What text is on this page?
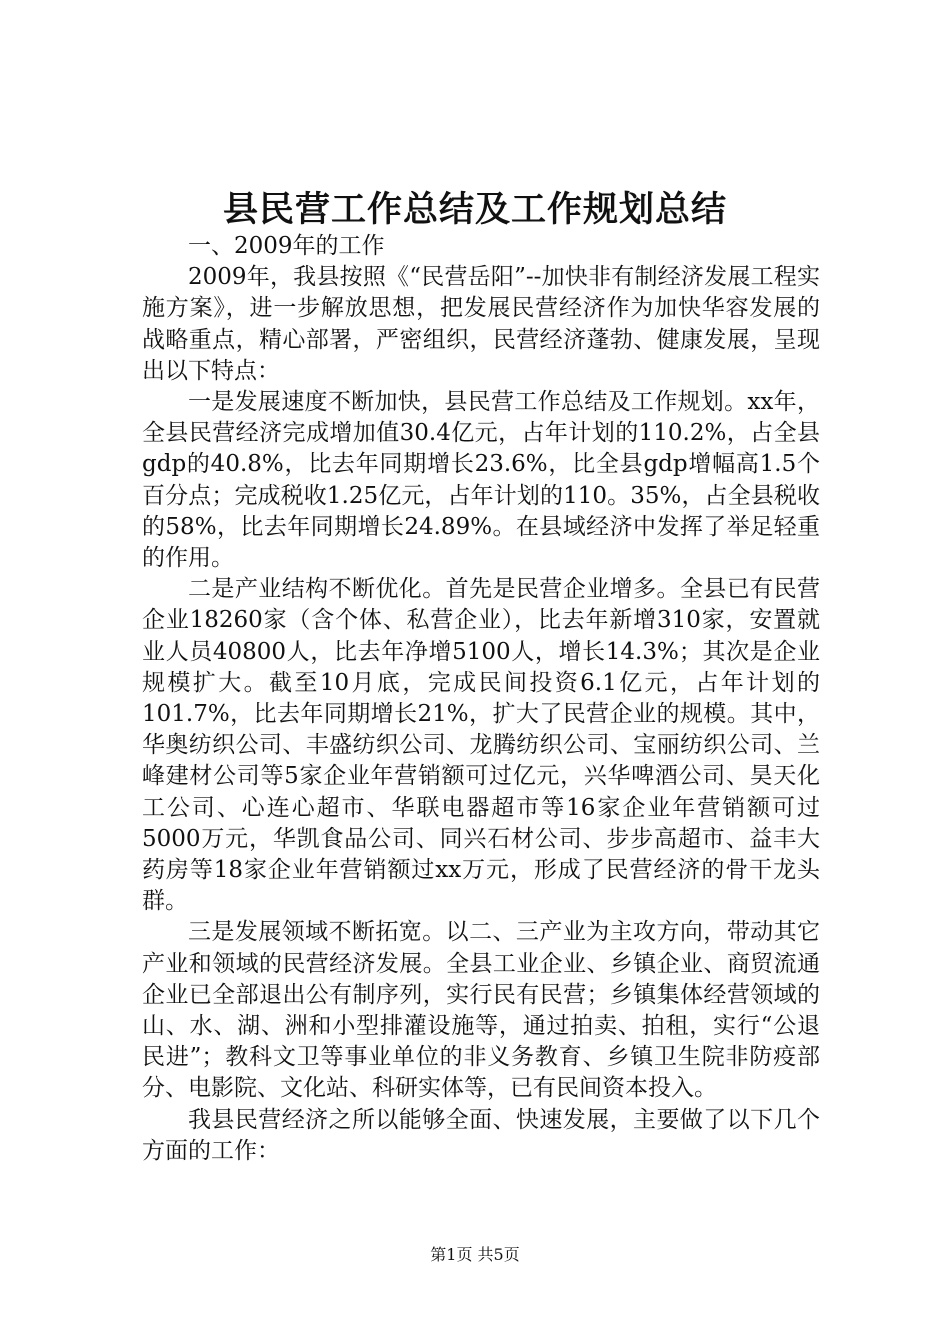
县民营工作总结及工作规划总结

一、2009年的工作

2009年，我县按照《“民营岳阳”--加快非有制经济发展工程实施方案》，进一步解放思想，把发展民营经济作为加快华容发展的战略重点，精心部署，严密组织，民营经济蓬勃、健康发展，呈现出以下特点：

一是发展速度不断加快，县民营工作总结及工作规划。xx年，全县民营经济完成增加值30.4亿元，占年计划的110.2%，占全县gdp的40.8%，比去年同期增长23.6%，比全县gdp增幅高1.5个百分点；完成税收1.25亿元，占年计划的110。35%，占全县税收的58%，比去年同期增长24.89%。在县域经济中发挥了举足轻重的作用。

二是产业结构不断优化。首先是民营企业增多。全县已有民营企业18260家（含个体、私营企业），比去年新增310家，安置就业人员40800人，比去年净增5100人，增长14.3%；其次是企业规模扩大。截至10月底，完成民间投资6.1亿元，占年计划的101.7%，比去年同期增长21%，扩大了民营企业的规模。其中，华奥纺织公司、丰盛纺织公司、龙腾纺织公司、宝丽纺织公司、兰峰建材公司等5家企业年营销额可过亿元，兴华啤酒公司、昊天化工公司、心连心超市、华联电器超市等16家企业年营销额可过5000万元，华凯食品公司、同兴石材公司、步步高超市、益丰大药房等18家企业年营销额过xx万元，形成了民营经济的骨干龙头群。

三是发展领域不断拓宽。以二、三产业为主攻方向，带动其它产业和领域的民营经济发展。全县工业企业、乡镇企业、商贸流通企业已全部退出公有制序列，实行民有民营；乡镇集体经营领域的山、水、湖、洲和小型排灌设施等，通过拍卖、拍租，实行“公退民进”；教科文卫等事业单位的非义务教育、乡镇卫生院非防疫部分、电影院、文化站、科研实体等，已有民间资本投入。

我县民营经济之所以能够全面、快速发展，主要做了以下几个方面的工作：

第1页 共5页
